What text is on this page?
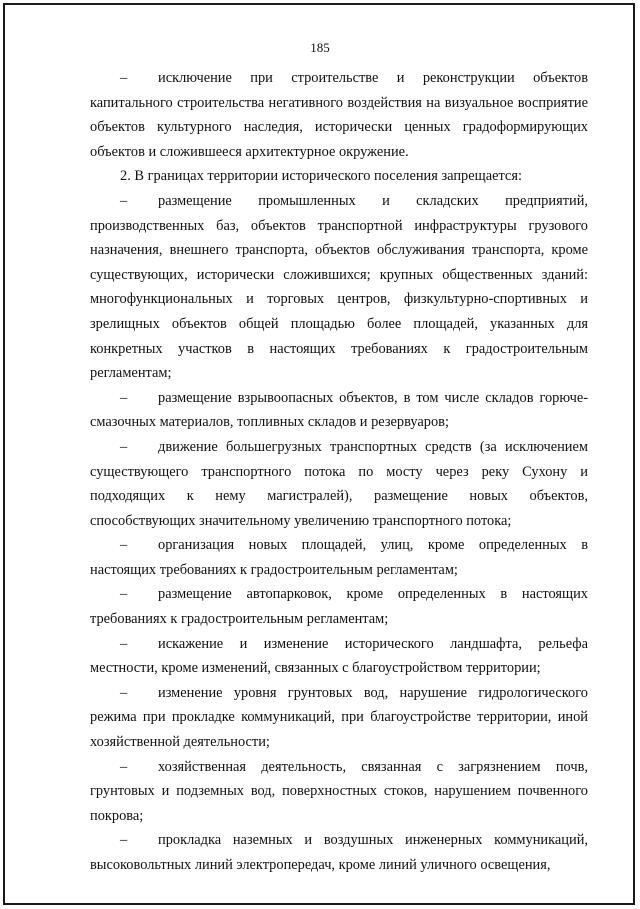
185

– исключение при строительстве и реконструкции объектов капитального строительства негативного воздействия на визуальное восприятие объектов культурного наследия, исторически ценных градоформирующих объектов и сложившееся архитектурное окружение.

2. В границах территории исторического поселения запрещается:

– размещение промышленных и складских предприятий, производственных баз, объектов транспортной инфраструктуры грузового назначения, внешнего транспорта, объектов обслуживания транспорта, кроме существующих, исторически сложившихся; крупных общественных зданий: многофункциональных и торговых центров, физкультурно-спортивных и зрелищных объектов общей площадью более площадей, указанных для конкретных участков в настоящих требованиях к градостроительным регламентам;

– размещение взрывоопасных объектов, в том числе складов горюче-смазочных материалов, топливных складов и резервуаров;

– движение большегрузных транспортных средств (за исключением существующего транспортного потока по мосту через реку Сухону и подходящих к нему магистралей), размещение новых объектов, способствующих значительному увеличению транспортного потока;

– организация новых площадей, улиц, кроме определенных в настоящих требованиях к градостроительным регламентам;

– размещение автопарковок, кроме определенных в настоящих требованиях к градостроительным регламентам;

– искажение и изменение исторического ландшафта, рельефа местности, кроме изменений, связанных с благоустройством территории;

– изменение уровня грунтовых вод, нарушение гидрологического режима при прокладке коммуникаций, при благоустройстве территории, иной хозяйственной деятельности;

– хозяйственная деятельность, связанная с загрязнением почв, грунтовых и подземных вод, поверхностных стоков, нарушением почвенного покрова;

– прокладка наземных и воздушных инженерных коммуникаций, высоковольтных линий электропередач, кроме линий уличного освещения,
